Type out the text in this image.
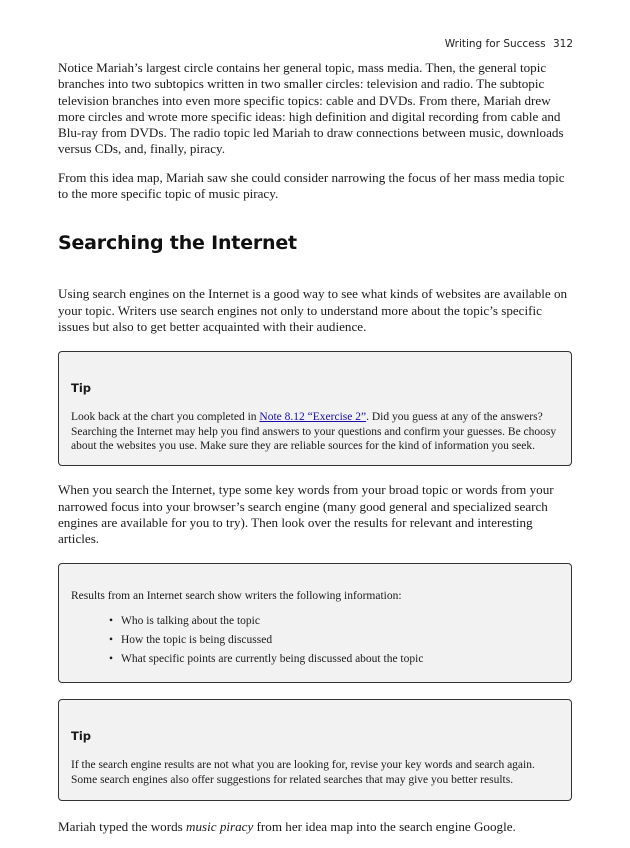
Writing for Success 312

Notice Mariah’s largest circle contains her general topic, mass media. Then, the general topic branches into two subtopics written in two smaller circles: television and radio. The subtopic television branches into even more specific topics: cable and DVDs. From there, Mariah drew more circles and wrote more specific ideas: high definition and digital recording from cable and Blu-ray from DVDs. The radio topic led Mariah to draw connections between music, downloads versus CDs, and, finally, piracy.

From this idea map, Mariah saw she could consider narrowing the focus of her mass media topic to the more specific topic of music piracy.

Searching the Internet

Using search engines on the Internet is a good way to see what kinds of websites are available on your topic. Writers use search engines not only to understand more about the topic’s specific issues but also to get better acquainted with their audience.

Tip

Look back at the chart you completed in Note 8.12 “Exercise 2”. Did you guess at any of the answers? Searching the Internet may help you find answers to your questions and confirm your guesses. Be choosy about the websites you use. Make sure they are reliable sources for the kind of information you seek.

When you search the Internet, type some key words from your broad topic or words from your narrowed focus into your browser’s search engine (many good general and specialized search engines are available for you to try). Then look over the results for relevant and interesting articles.

Results from an Internet search show writers the following information:

• Who is talking about the topic
• How the topic is being discussed
• What specific points are currently being discussed about the topic
Tip

If the search engine results are not what you are looking for, revise your key words and search again. Some search engines also offer suggestions for related searches that may give you better results.

Mariah typed the words music piracy from her idea map into the search engine Google.
